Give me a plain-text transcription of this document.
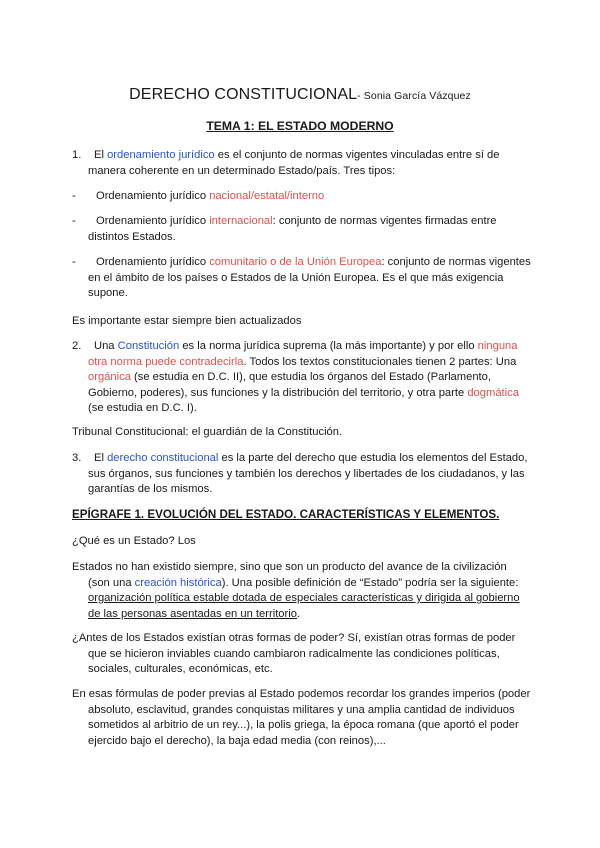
DERECHO CONSTITUCIONAL- Sonia García Vázquez
TEMA 1: EL ESTADO MODERNO
1.	El ordenamiento jurídico es el conjunto de normas vigentes vinculadas entre sí de
manera coherente en un determinado Estado/país. Tres tipos:
-	Ordenamiento jurídico nacional/estatal/interno
-	Ordenamiento jurídico internacional: conjunto de normas vigentes firmadas entre
distintos Estados.
-	Ordenamiento jurídico comunitario o de la Unión Europea: conjunto de normas vigentes
en el ámbito de los países o Estados de la Unión Europea. Es el que más exigencia
supone.
Es importante estar siempre bien actualizados
2.	Una Constitución es la norma jurídica suprema (la más importante) y por ello ninguna
otra norma puede contradecirla. Todos los textos constitucionales tienen 2 partes: Una
orgánica (se estudia en D.C. II), que estudia los órganos del Estado (Parlamento,
Gobierno, poderes), sus funciones y la distribución del territorio, y otra parte dogmática
(se estudia en D.C. I).
Tribunal Constitucional: el guardián de la Constitución.
3.	El derecho constitucional es la parte del derecho que estudia los elementos del Estado,
sus órganos, sus funciones y también los derechos y libertades de los ciudadanos, y las
garantías de los mismos.
EPÍGRAFE 1. EVOLUCIÓN DEL ESTADO. CARACTERÍSTICAS Y ELEMENTOS.
¿Qué es un Estado? Los
Estados no han existido siempre, sino que son un producto del avance de la civilización
(son una creación histórica). Una posible definición de “Estado” podría ser la siguiente:
organización política estable dotada de especiales características y dirigida al gobierno
de las personas asentadas en un territorio.
¿Antes de los Estados existían otras formas de poder? Sí, existían otras formas de poder
que se hicieron inviables cuando cambiaron radicalmente las condiciones políticas,
sociales, culturales, económicas, etc.
En esas fórmulas de poder previas al Estado podemos recordar los grandes imperios (poder
absoluto, esclavitud, grandes conquistas militares y una amplia cantidad de individuos
sometidos al arbitrio de un rey...), la polis griega, la época romana (que aportó el poder
ejercido bajo el derecho), la baja edad media (con reinos),...
